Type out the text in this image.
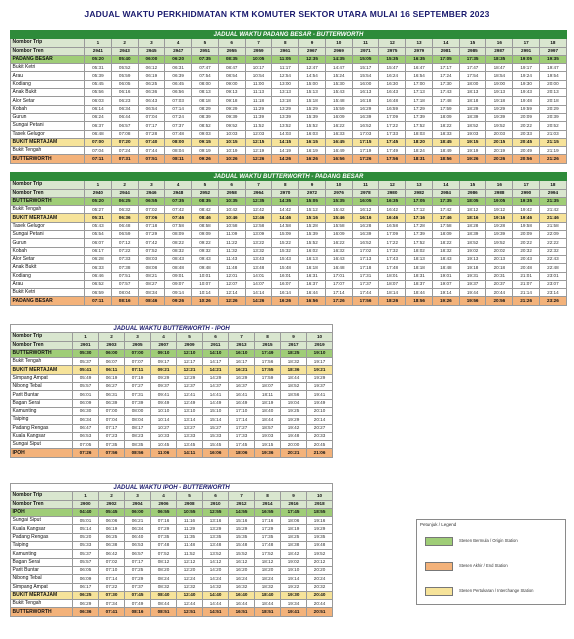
JADUAL WAKTU PERKHIDMATAN KTM KOMUTER SEKTOR UTARA MULAI 16 SEPTEMBER 2023
JADUAL WAKTU PADANG BESAR - BUTTERWORTH																		
Nombor Trip	1	2	3	4	5	6	7	8	9	10	11	12	13	14	15	16	17	18
Nombor Tren	2941	2943	2945	2947	2951	2955	2959	2961	2967	2969	2971	2975	2979	2981	2985	2987	2991	2997
PADANG BESAR	05:20	05:40	06:00	06:20	07:35	08:35	10:05	11:05	12:35	14:35	15:05	15:35	16:35	17:05	17:35	18:35	19:05	19:35
Bukit Ketri	05:31	05:52	06:12	06:31	07:47	08:47	10:17	11:17	12:47	14:47	15:17	15:47	16:47	17:17	17:47	18:47	19:17	19:47
Arau	05:39	05:59	06:19	06:39	07:54	08:54	10:54	12:54	14:54	15:24	15:54	16:24	16:54	17:24	17:54	18:54	19:24	19:54
Kodiang	05:45	06:05	06:25	06:45	08:00	09:00	11:00	13:00	15:00	15:30	16:00	16:30	17:00	17:30	18:00	19:00	19:30	20:00
Anak Bukit	05:56	06:16	06:36	06:56	08:13	09:13	11:13	13:13	15:13	15:43	16:13	16:43	17:13	17:43	18:13	19:13	19:43	20:13
Alor Setar	06:03	06:23	06:43	07:03	08:18	09:18	11:18	13:18	15:18	15:48	16:18	16:48	17:18	17:48	18:18	19:18	19:48	20:18
Kobah	06:14	06:34	06:54	07:14	08:29	09:29	11:29	13:29	15:29	15:59	16:29	16:59	17:29	17:59	18:29	19:29	19:59	20:29
Gurun	06:24	06:44	07:04	07:24	08:39	09:39	11:39	13:39	15:39	16:09	16:39	17:09	17:39	18:09	18:39	19:39	20:09	20:39
Sungai Petani	06:37	06:57	07:17	07:37	08:52	09:52	11:52	13:52	15:52	16:22	16:52	17:22	17:52	18:22	18:52	19:52	20:22	20:52
Tasek Gelugor	06:48	07:08	07:28	07:48	09:03	10:03	12:03	14:03	16:03	16:33	17:03	17:33	18:03	18:33	19:03	20:03	20:33	21:03
BUKIT MERTAJAM	07:00	07:20	07:40	08:00	09:15	10:15	12:15	14:15	16:15	16:45	17:15	17:45	18:20	18:45	19:15	20:15	20:45	21:15
Bukit Tengah	07:04	07:24	07:44	08:04	09:19	10:19	12:19	14:19	16:19	16:49	17:19	17:49	18:24	18:49	19:19	20:19	20:49	21:19
BUTTERWORTH	07:11	07:31	07:51	08:11	09:26	10:26	12:26	14:26	16:26	16:56	17:26	17:56	18:31	18:56	19:26	20:26	20:56	21:26
JADUAL WAKTU BUTTERWORTH - PADANG BESAR																		
Nombor Trip	1	2	3	4	5	6	7	8	9	10	11	12	13	14	15	16	17	18
Nombor Tren	2940	2944	2946	2948	2952	2958	2964	2970	2972	2976	2978	2980	2982	2984	2986	2988	2990	2994
BUTTERWORTH	05:20	06:25	06:55	07:35	08:35	10:35	12:35	14:35	15:05	15:35	16:05	16:35	17:05	17:35	18:05	19:05	19:35	21:35
Bukit Tengah	05:27	06:32	07:02	07:42	08:42	10:42	12:42	14:42	15:12	15:42	16:12	16:42	17:12	17:42	18:12	19:12	19:42	21:42
BUKIT MERTAJAM	05:31	06:36	07:06	07:46	08:46	10:46	12:46	14:46	15:16	15:46	16:16	16:46	17:16	17:46	18:16	19:16	19:46	21:46
Tasek Gelugor	05:43	06:48	07:18	07:58	08:58	10:58	12:58	14:58	15:28	15:58	16:28	16:58	17:28	17:58	18:28	19:28	19:58	21:58
Sungai Petani	05:54	06:59	07:29	08:09	09:09	11:09	13:09	15:09	15:39	16:09	16:39	17:09	17:39	18:09	18:39	19:39	20:09	22:09
Gurun	06:07	07:12	07:42	08:22	09:22	11:22	13:22	15:22	15:52	16:22	16:52	17:22	17:52	18:22	18:52	19:52	20:22	22:22
Kobah	06:17	07:22	07:52	08:32	09:32	11:32	13:32	15:32	16:02	16:32	17:02	17:32	18:02	18:32	19:02	20:02	20:32	22:32
Alor Setar	06:28	07:33	08:03	08:43	09:43	11:43	13:43	15:43	16:13	16:43	17:13	17:43	18:13	18:43	19:13	20:13	20:43	22:43
Anak Bukit	06:33	07:38	08:08	08:48	09:48	11:48	13:48	15:48	16:18	16:48	17:18	17:48	18:18	18:48	19:18	20:18	20:48	22:48
Kodiang	06:46	07:51	08:21	09:01	10:01	12:01	14:01	16:01	16:31	17:01	17:31	18:01	18:31	19:01	19:31	20:31	21:01	23:01
Arau	06:52	07:57	08:27	09:07	10:07	12:07	14:07	16:07	16:37	17:07	17:37	18:07	18:37	19:07	19:37	20:37	21:07	23:07
Bukit Ketri	06:59	08:04	08:34	09:14	10:14	12:14	14:14	16:14	16:44	17:14	17:44	18:14	18:44	19:14	19:44	20:44	21:14	23:14
PADANG BESAR	07:11	08:16	08:46	09:26	10:26	12:26	14:26	16:26	16:56	17:26	17:56	18:26	18:56	19:26	19:56	20:56	21:26	23:26
JADUAL WAKTU BUTTERWORTH - IPOH										
Nombor Trip	1	2	3	4	5	6	7	8	9	10
Nombor Tren	2901	2903	2905	2907	2909	2911	2913	2915	2917	2919
BUTTERWORTH	05:30	06:00	07:00	09:10	12:10	14:10	16:10	17:49	18:25	19:10
Bukit Tengah	05:37	06:07	07:07	09:17	12:17	14:17	16:17	17:56	18:32	19:17
BUKIT MERTAJAM	05:41	06:11	07:11	09:21	12:21	14:21	16:21	17:55	18:36	19:21
Simpang Ampat	05:49	06:19	07:19	09:29	12:29	14:29	16:29	17:59	18:44	19:29
Nibong Tebal	05:57	06:27	07:27	09:37	12:37	14:37	16:37	18:07	18:52	19:37
Parit Buntar	06:01	06:31	07:31	09:41	12:41	14:41	16:41	18:11	18:56	19:41
Bagan Serai	06:09	06:39	07:39	09:49	12:49	14:49	16:49	18:19	19:04	19:49
Kamunting	06:30	07:00	08:00	10:10	13:10	15:10	17:10	18:40	19:25	20:10
Taiping	06:34	07:04	08:04	10:14	13:14	15:14	17:14	18:44	19:29	20:14
Padang Rengas	06:47	07:17	08:17	10:27	13:27	15:27	17:27	18:57	19:42	20:27
Kuala Kangsar	06:53	07:23	08:23	10:33	13:33	15:33	17:33	19:03	19:48	20:33
Sungai Siput	07:05	07:35	08:35	10:45	13:45	15:45	17:45	19:15	20:00	20:45
IPOH	07:26	07:56	08:56	11:06	14:11	16:06	18:06	19:36	20:21	21:06
JADUAL WAKTU IPOH - BUTTERWORTH										
Nombor Trip	1	2	3	4	5	6	7	8	9	10
Nombor Tren	2900	2902	2904	2906	2908	2910	2912	2914	2916	2918
IPOH	04:40	05:45	06:00	06:55	10:55	12:55	14:55	16:55	17:45	18:55
Sungai Siput	05:01	06:06	06:21	07:16	11:16	13:16	15:16	17:16	18:06	19:16
Kuala Kangsar	05:14	06:19	06:34	07:29	11:29	13:29	15:29	17:29	18:19	19:29
Padang Rengas	05:20	06:25	06:40	07:35	11:35	13:35	15:35	17:35	18:25	19:35
Taiping	05:33	06:38	06:53	07:48	11:48	13:48	15:48	17:48	18:38	19:48
Kamunting	05:37	06:42	06:57	07:52	11:52	13:52	15:52	17:52	18:42	19:52
Bagan Serai	05:57	07:02	07:17	08:12	12:12	14:12	16:12	18:12	19:02	20:12
Parit Buntar	06:05	07:10	07:25	08:20	12:20	14:20	16:20	18:20	19:10	20:20
Nibong Tebal	06:09	07:14	07:29	08:24	12:24	14:24	16:24	18:24	19:14	20:24
Simpang Ampat	06:17	07:22	07:37	08:32	12:32	14:32	16:32	18:32	19:22	20:32
BUKIT MERTAJAM	06:25	07:30	07:45	08:40	12:40	14:40	16:40	18:40	19:30	20:40
Bukit Tengah	06:29	07:34	07:49	08:44	12:44	14:44	16:44	18:44	19:34	20:44
BUTTERWORTH	06:36	07:41	08:16	08:51	12:51	14:51	16:51	18:51	19:41	20:51
Petunjuk / Legend
Stesen Bermula / Origin Station
Stesen Akhir / End Station
Stesen Pertukaran / Interchange Station
